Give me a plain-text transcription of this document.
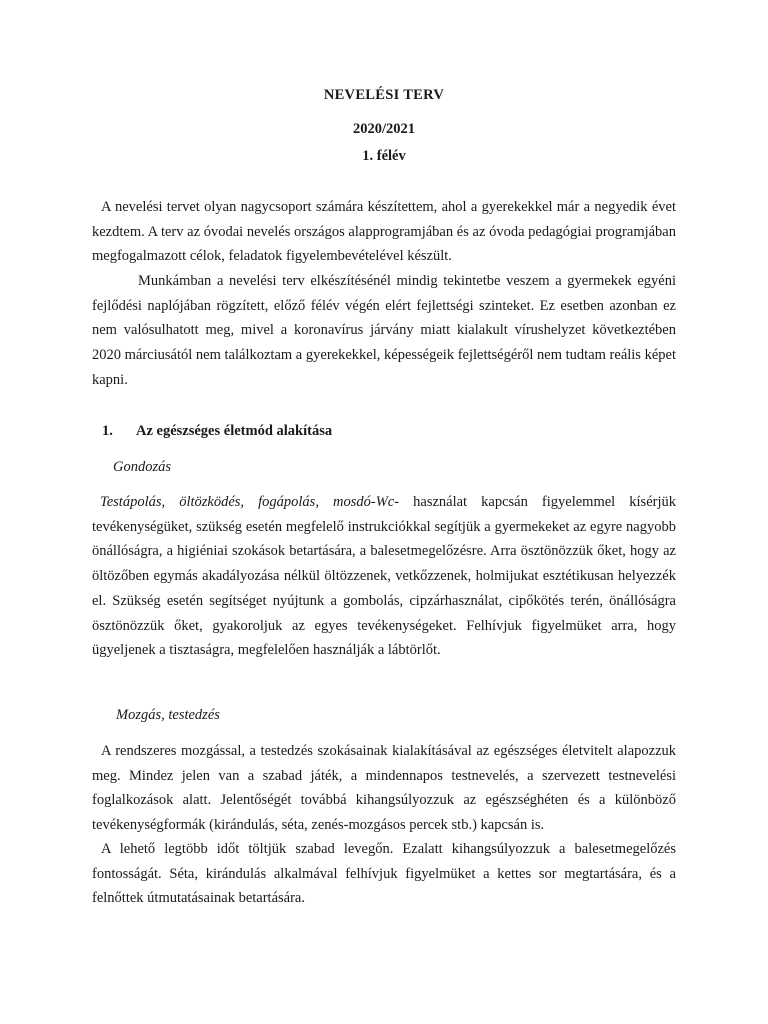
NEVELÉSI TERV
2020/2021
1. félév

A nevelési tervet olyan nagycsoport számára készítettem, ahol a gyerekekkel már a negyedik évet kezdtem. A terv az óvodai nevelés országos alapprogramjában és az óvoda pedagógiai programjában megfogalmazott célok, feladatok figyelembevételével készült.

Munkámban a nevelési terv elkészítésénél mindig tekintetbe veszem a gyermekek egyéni fejlődési naplójában rögzített, előző félév végén elért fejlettségi szinteket. Ez esetben azonban ez nem valósulhatott meg, mivel a koronavírus járvány miatt kialakult vírushelyzet következtében 2020 márciusától nem találkoztam a gyerekekkel, képességeik fejlettségéről nem tudtam reális képet kapni.

1. Az egészséges életmód alakítása
Gondozás

Testápolás, öltözködés, fogápolás, mosdó-Wc- használat kapcsán figyelemmel kísérjük tevékenységüket, szükség esetén megfelelő instrukciókkal segítjük a gyermekeket az egyre nagyobb önállóságra, a higiéniai szokások betartására, a balesetmegelőzésre. Arra ösztönözzük őket, hogy az öltözőben egymás akadályozása nélkül öltözzenek, vetkőzzenek, holmijukat esztétikusan helyezzék el. Szükség esetén segítséget nyújtunk a gombolás, cipzárhasználat, cipőkötés terén, önállóságra ösztönözzük őket, gyakoroljuk az egyes tevékenységeket. Felhívjuk figyelmüket arra, hogy ügyeljenek a tisztaságra, megfelelően használják a lábtörlőt.

Mozgás, testedzés

A rendszeres mozgással, a testedzés szokásainak kialakításával az egészséges életvitelt alapozzuk meg. Mindez jelen van a szabad játék, a mindennapos testnevelés, a szervezett testnevelési foglalkozások alatt. Jelentőségét továbbá kihangsúlyozzuk az egészséghéten és a különböző tevékenységformák (kirándulás, séta, zenés-mozgásos percek stb.) kapcsán is.

A lehető legtöbb időt töltjük szabad levegőn. Ezalatt kihangsúlyozzuk a balesetmegelőzés fontosságát. Séta, kirándulás alkalmával felhívjuk figyelmüket a kettes sor megtartására, és a felnőttek útmutatásainak betartására.
